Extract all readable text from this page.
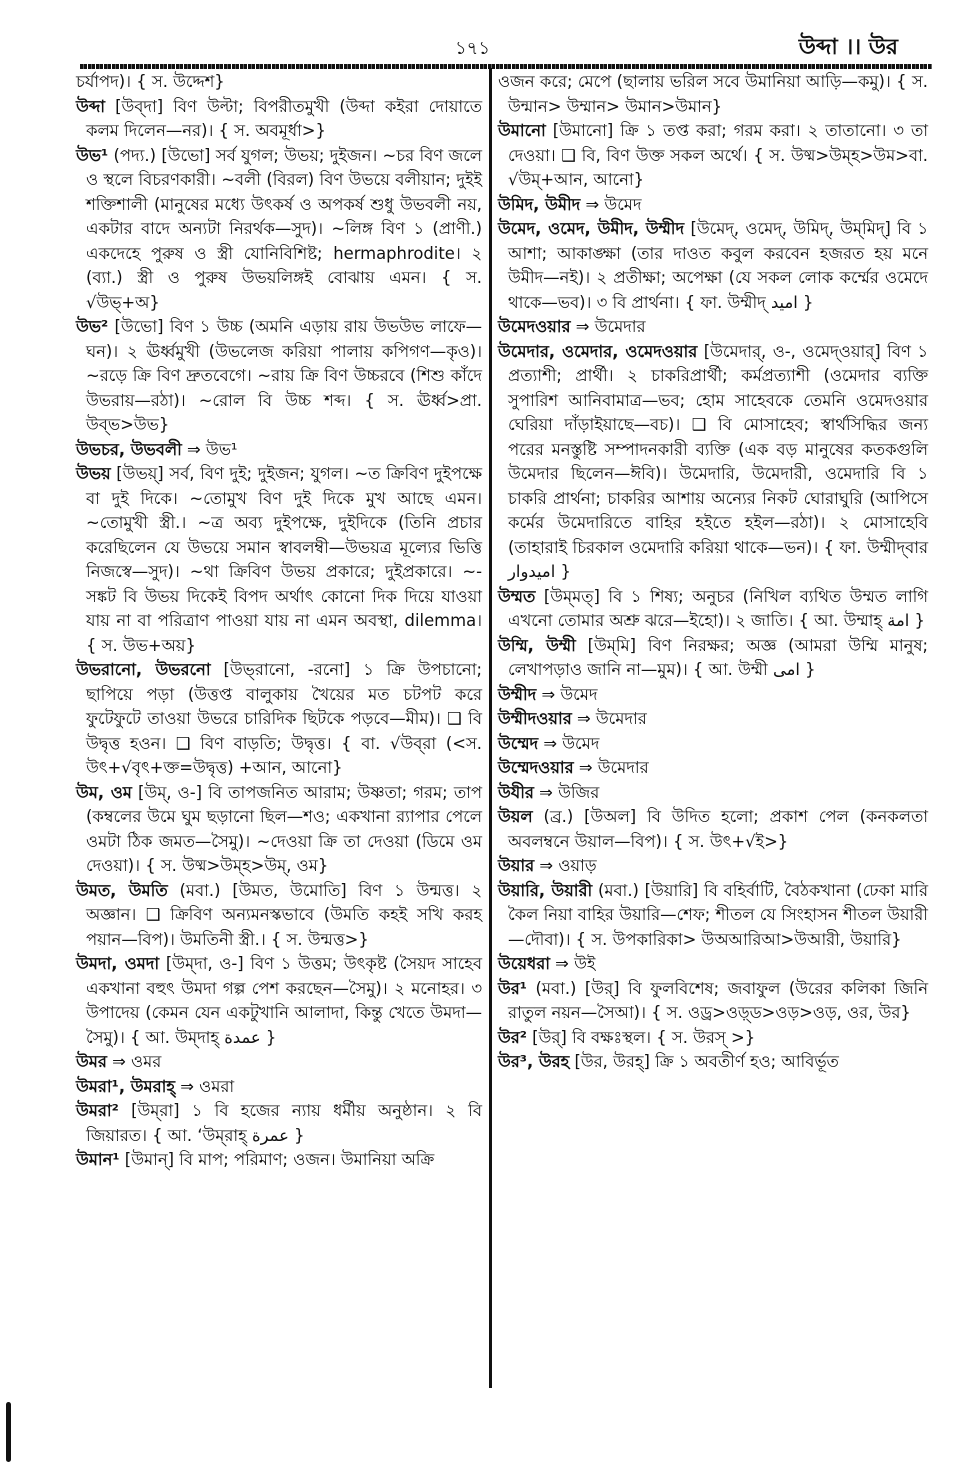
১৭১	উব্দা ।। উর

চর্যাপদ)। { স. উদ্দেশ}

উব্দা [উব্‌দা] বিণ উল্টা; বিপরীতমুখী (উব্দা কইরা দোয়াতে কলম দিলেন—নর)। { স. অবমূর্ধা>}

উভ¹ (পদ্য.) [উভো] সর্ব যুগল; উভয়; দুইজন। ~চর বিণ জলে ও স্থলে বিচরণকারী। ~বলী (বিরল) বিণ উভয়ে বলীয়ান; দুইই শক্তিশালী (মানুষের মধ্যে উৎকর্ষ ও অপকর্ষ শুধু উভবলী নয়, একটার বাদে অন্যটা নিরর্থক—সুদ)। ~লিঙ্গ বিণ ১ (প্রাণী.) একদেহে পুরুষ ও স্ত্রী যোনিবিশিষ্ট; hermaphrodite। ২ (ব্যা.) স্ত্রী ও পুরুষ উভয়লিঙ্গই বোঝায় এমন। { স. √উভ্+অ}

উভ² [উভো] বিণ ১ উচ্চ (অমনি এড়ায় রায় উভউভ লাফে—ঘন)। ২ ঊর্ধ্বমুখী (উভলেজ করিয়া পালায় কপিগণ—কৃও)। ~রড়ে ক্রি বিণ দ্রুতবেগে। ~রায় ক্রি বিণ উচ্চরবে (শিশু কাঁদে উভরায়—রঠা)। ~রোল বি উচ্চ শব্দ। { স. ঊর্ধ্ব>প্রা. উব্‌ভ>উভ}

উভচর, উভবলী ⇒ উভ¹

উভয় [উভয়্] সর্ব, বিণ দুই; দুইজন; যুগল। ~ত ক্রিবিণ দুইপক্ষে বা দুই দিকে। ~তোমুখ বিণ দুই দিকে মুখ আছে এমন। ~তোমুখী স্ত্রী.। ~ত্র অব্য দুইপক্ষে, দুইদিকে (তিনি প্রচার করেছিলেন যে উভয়ে সমান স্বাবলম্বী—উভয়ত্র মূল্যের ভিত্তি নিজস্বে—সুদ)। ~থা ক্রিবিণ উভয় প্রকারে; দুইপ্রকারে। ~-সঙ্কট বি উভয় দিকেই বিপদ অর্থাৎ কোনো দিক দিয়ে যাওয়া যায় না বা পরিত্রাণ পাওয়া যায় না এমন অবস্থা, dilemma। { স. উভ+অয়}

উভরানো, উভরনো [উভ্‌রানো, -রনো] ১ ক্রি উপচানো; ছাপিয়ে পড়া (উত্তপ্ত বালুকায় খৈয়ের মত চটপট করে ফুটেফুটে তাওয়া উভরে চারিদিক ছিটকে পড়বে—মীম)। ❑ বি উদ্বৃত্ত হওন। ❑ বিণ বাড়তি; উদ্বৃত্ত। { বা. √উব্‌রা (<স. উৎ+√বৃৎ+ক্ত=উদ্বৃত্ত) +আন, আনো}

উম, ওম [উম্, ও-] বি তাপজনিত আরাম; উষ্ণতা; গরম; তাপ (কম্বলের উমে ঘুম ছড়ানো ছিল—শও; একখানা র‍্যাপার পেলে ওমটা ঠিক জমত—সৈমু)। ~দেওয়া ক্রি তা দেওয়া (ডিমে ওম দেওয়া)। { স. উষ্ম>উম্‌হ>উম্, ওম}

উমত, উমতি (মবা.) [উমত, উমোতি] বিণ ১ উন্মত্ত। ২ অজ্ঞান। ❑ ক্রিবিণ অন্যমনস্কভাবে (উমতি কহই সখি করহ পয়ান—বিপ)। উমতিনী স্ত্রী.। { স. উন্মত্ত>}

উমদা, ওমদা [উম্‌দা, ও-] বিণ ১ উত্তম; উৎকৃষ্ট (সৈয়দ সাহেব একখানা বহুৎ উমদা গল্প পেশ করছেন—সৈমু)। ২ মনোহর। ৩ উপাদেয় (কেমন যেন একটুখানি আলাদা, কিন্তু খেতে উমদা—সৈমু)। { আ. উম্‌দাহ্ عمدة }

উমর ⇒ ওমর

উমরা¹, উমরাহ্ ⇒ ওমরা

উমরা² [উম্‌রা] ১ বি হজের ন্যায় ধর্মীয় অনুষ্ঠান। ২ বি জিয়ারত। { আ. ‘উম্‌রাহ্ عمرة }

উমান¹ [উমান্] বি মাপ; পরিমাণ; ওজন। উমানিয়া অক্রি

ওজন করে; মেপে (ছালায় ভরিল সবে উমানিয়া আড়ি—কমু)। { স. উন্মান> উম্মান> উমান>উমান}

উমানো [উমানো] ক্রি ১ তপ্ত করা; গরম করা। ২ তাতানো। ৩ তা দেওয়া। ❑ বি, বিণ উক্ত সকল অর্থে। { স. উষ্ম>উম্‌হ>উম>বা. √উম্+আন, আনো}

উমিদ, উমীদ ⇒ উমেদ

উমেদ, ওমেদ, উমীদ, উম্মীদ [উমেদ্, ওমেদ্, উমিদ্, উম্‌মিদ্] বি ১ আশা; আকাঙ্ক্ষা (তার দাওত কবুল করবেন হজরত হয় মনে উমীদ—নই)। ২ প্রতীক্ষা; অপেক্ষা (যে সকল লোক কর্ম্মের ওমেদে থাকে—ভব)। ৩ বি প্রার্থনা। { ফা. উম্মীদ্ امید }

উমেদওয়ার ⇒ উমেদার

উমেদার, ওমেদার, ওমেদওয়ার [উমেদার্, ও-, ওমেদ্‌ওয়ার্] বিণ ১ প্রত্যাশী; প্রার্থী। ২ চাকরিপ্রার্থী; কর্মপ্রত্যাশী (ওমেদার ব্যক্তি সুপারিশ আনিবামাত্র—ভব; হোম সাহেবকে তেমনি ওমেদওয়ার ঘেরিয়া দাঁড়াইয়াছে—বচ)। ❑ বি মোসাহেব; স্বার্থসিদ্ধির জন্য পরের মনস্তুষ্টি সম্পাদনকারী ব্যক্তি (এক বড় মানুষের কতকগুলি উমেদার ছিলেন—ঈবি)। উমেদারি, উমেদারী, ওমেদারি বি ১ চাকরি প্রার্থনা; চাকরির আশায় অন্যের নিকট ঘোরাঘুরি (আপিসে কর্মের উমেদারিতে বাহির হইতে হইল—রঠা)। ২ মোসাহেবি (তাহারাই চিরকাল ওমেদারি করিয়া থাকে—ভন)। { ফা. উম্মীদ্‌বার امیدوار }

উম্মত [উম্‌মত্] বি ১ শিষ্য; অনুচর (নিখিল ব্যথিত উম্মত লাগি এখনো তোমার অশ্রু ঝরে—ইহো)। ২ জাতি। { আ. উম্মাহ্ امة }

উম্মি, উম্মী [উম্‌মি] বিণ নিরক্ষর; অজ্ঞ (আমরা উম্মি মানুষ; লেখাপড়াও জানি না—মুম)। { আ. উম্মী امی }

উম্মীদ ⇒ উমেদ

উম্মীদওয়ার ⇒ উমেদার

উম্মেদ ⇒ উমেদ

উম্মেদওয়ার ⇒ উমেদার

উযীর ⇒ উজির

উয়ল (ব্র.) [উঅল] বি উদিত হলো; প্রকাশ পেল (কনকলতা অবলম্বনে উয়াল—বিপ)। { স. উৎ+√ই>}

উয়ার ⇒ ওয়াড়

উয়ারি, উয়ারী (মবা.) [উয়ারি] বি বহির্বাটি, বৈঠকখানা (ঢেকা মারি কৈল নিয়া বাহির উয়ারি—শেফ; শীতল যে সিংহাসন শীতল উয়ারী—দৌবা)। { স. উপকারিকা> উঅআরিআ>উআরী, উয়ারি}

উয়েধরা ⇒ উই

উর¹ (মবা.) [উর্] বি ফুলবিশেষ; জবাফুল (উরের কলিকা জিনি রাতুল নয়ন—সৈআ)। { স. ওড্র>ওড়্ড>ওড়>ওড়, ওর, উর}

উর² [উর্] বি বক্ষঃস্থল। { স. উরস্ >}

উর³, উরহ [উর, উরহ্] ক্রি ১ অবতীর্ণ হও; আবির্ভূত
